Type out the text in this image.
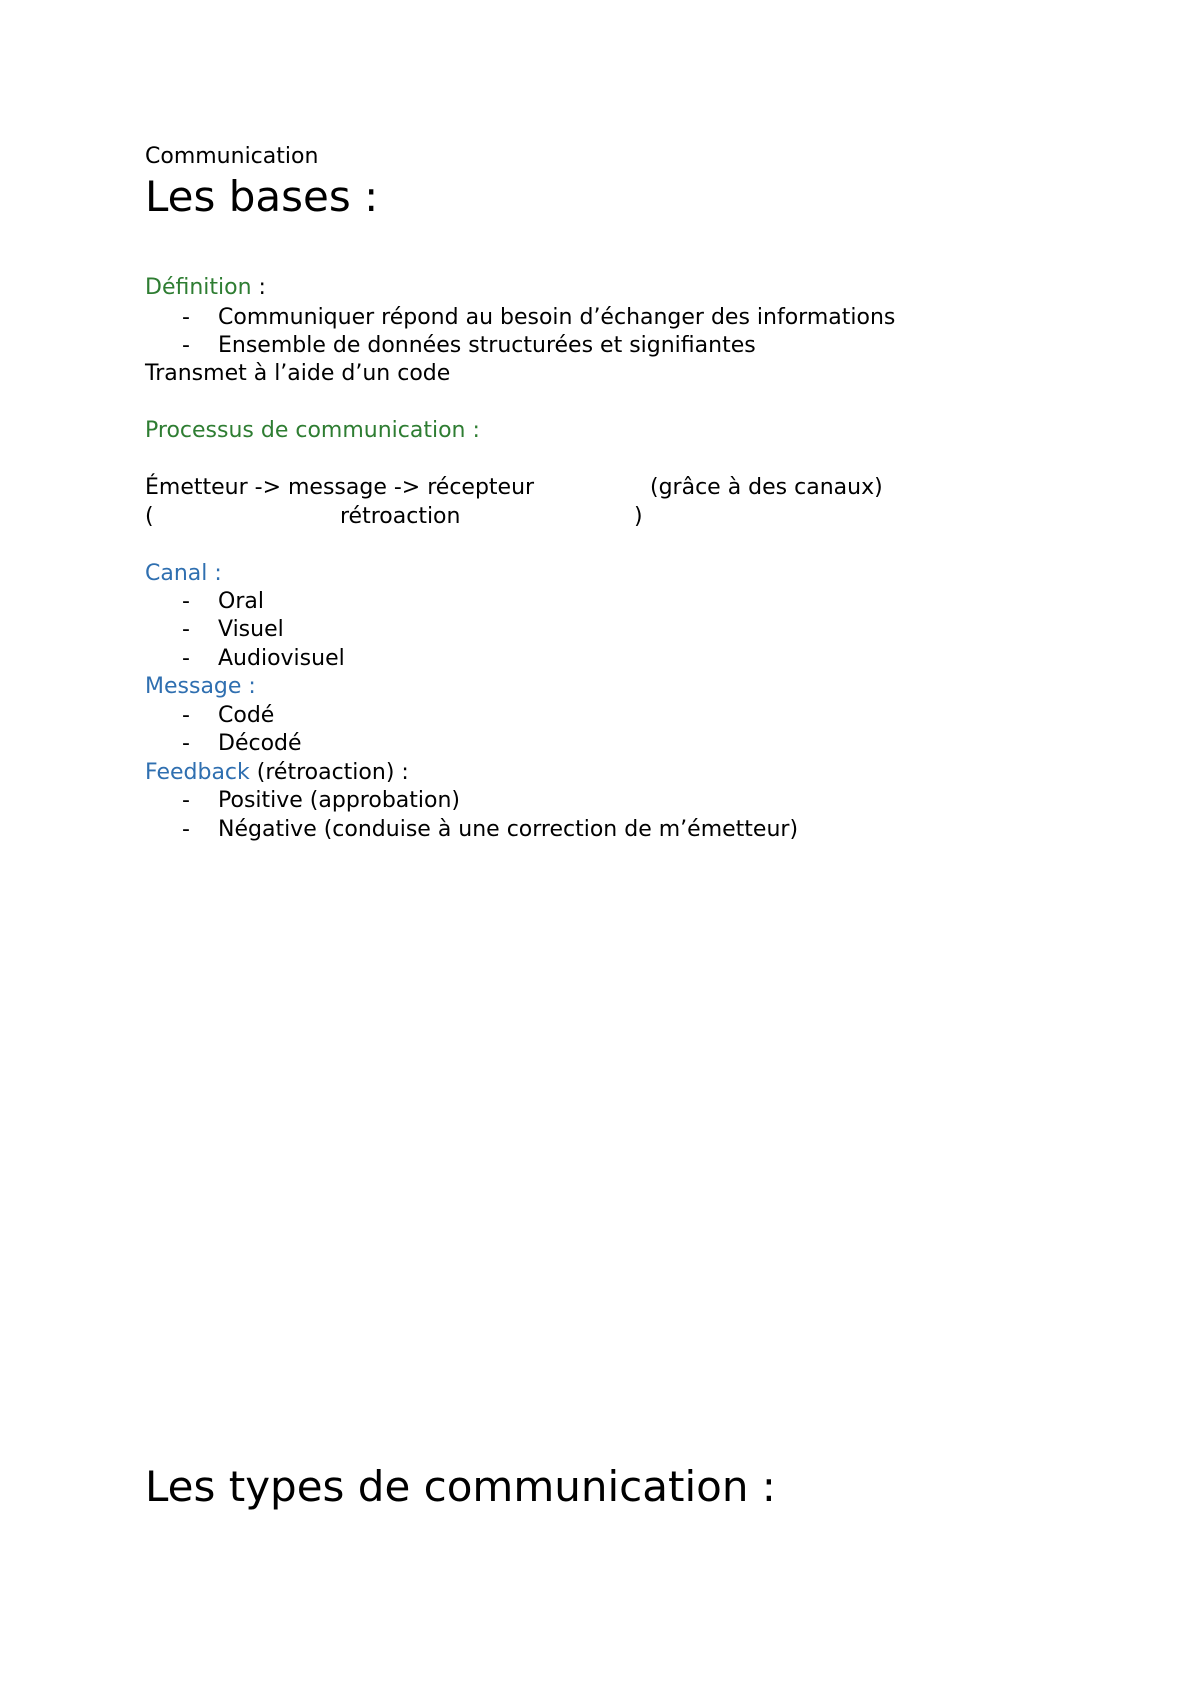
Communication
Les bases :
Définition :
- Communiquer répond au besoin d’échanger des informations
- Ensemble de données structurées et signifiantes
Transmet à l’aide d’un code
Processus de communication :
Émetteur -> message -> récepteur	(grâce à des canaux)
(	rétroaction	)
Canal :
- Oral
- Visuel
- Audiovisuel
Message :
- Codé
- Décodé
Feedback (rétroaction) :
- Positive (approbation)
- Négative (conduise à une correction de m’émetteur)
Les types de communication :
